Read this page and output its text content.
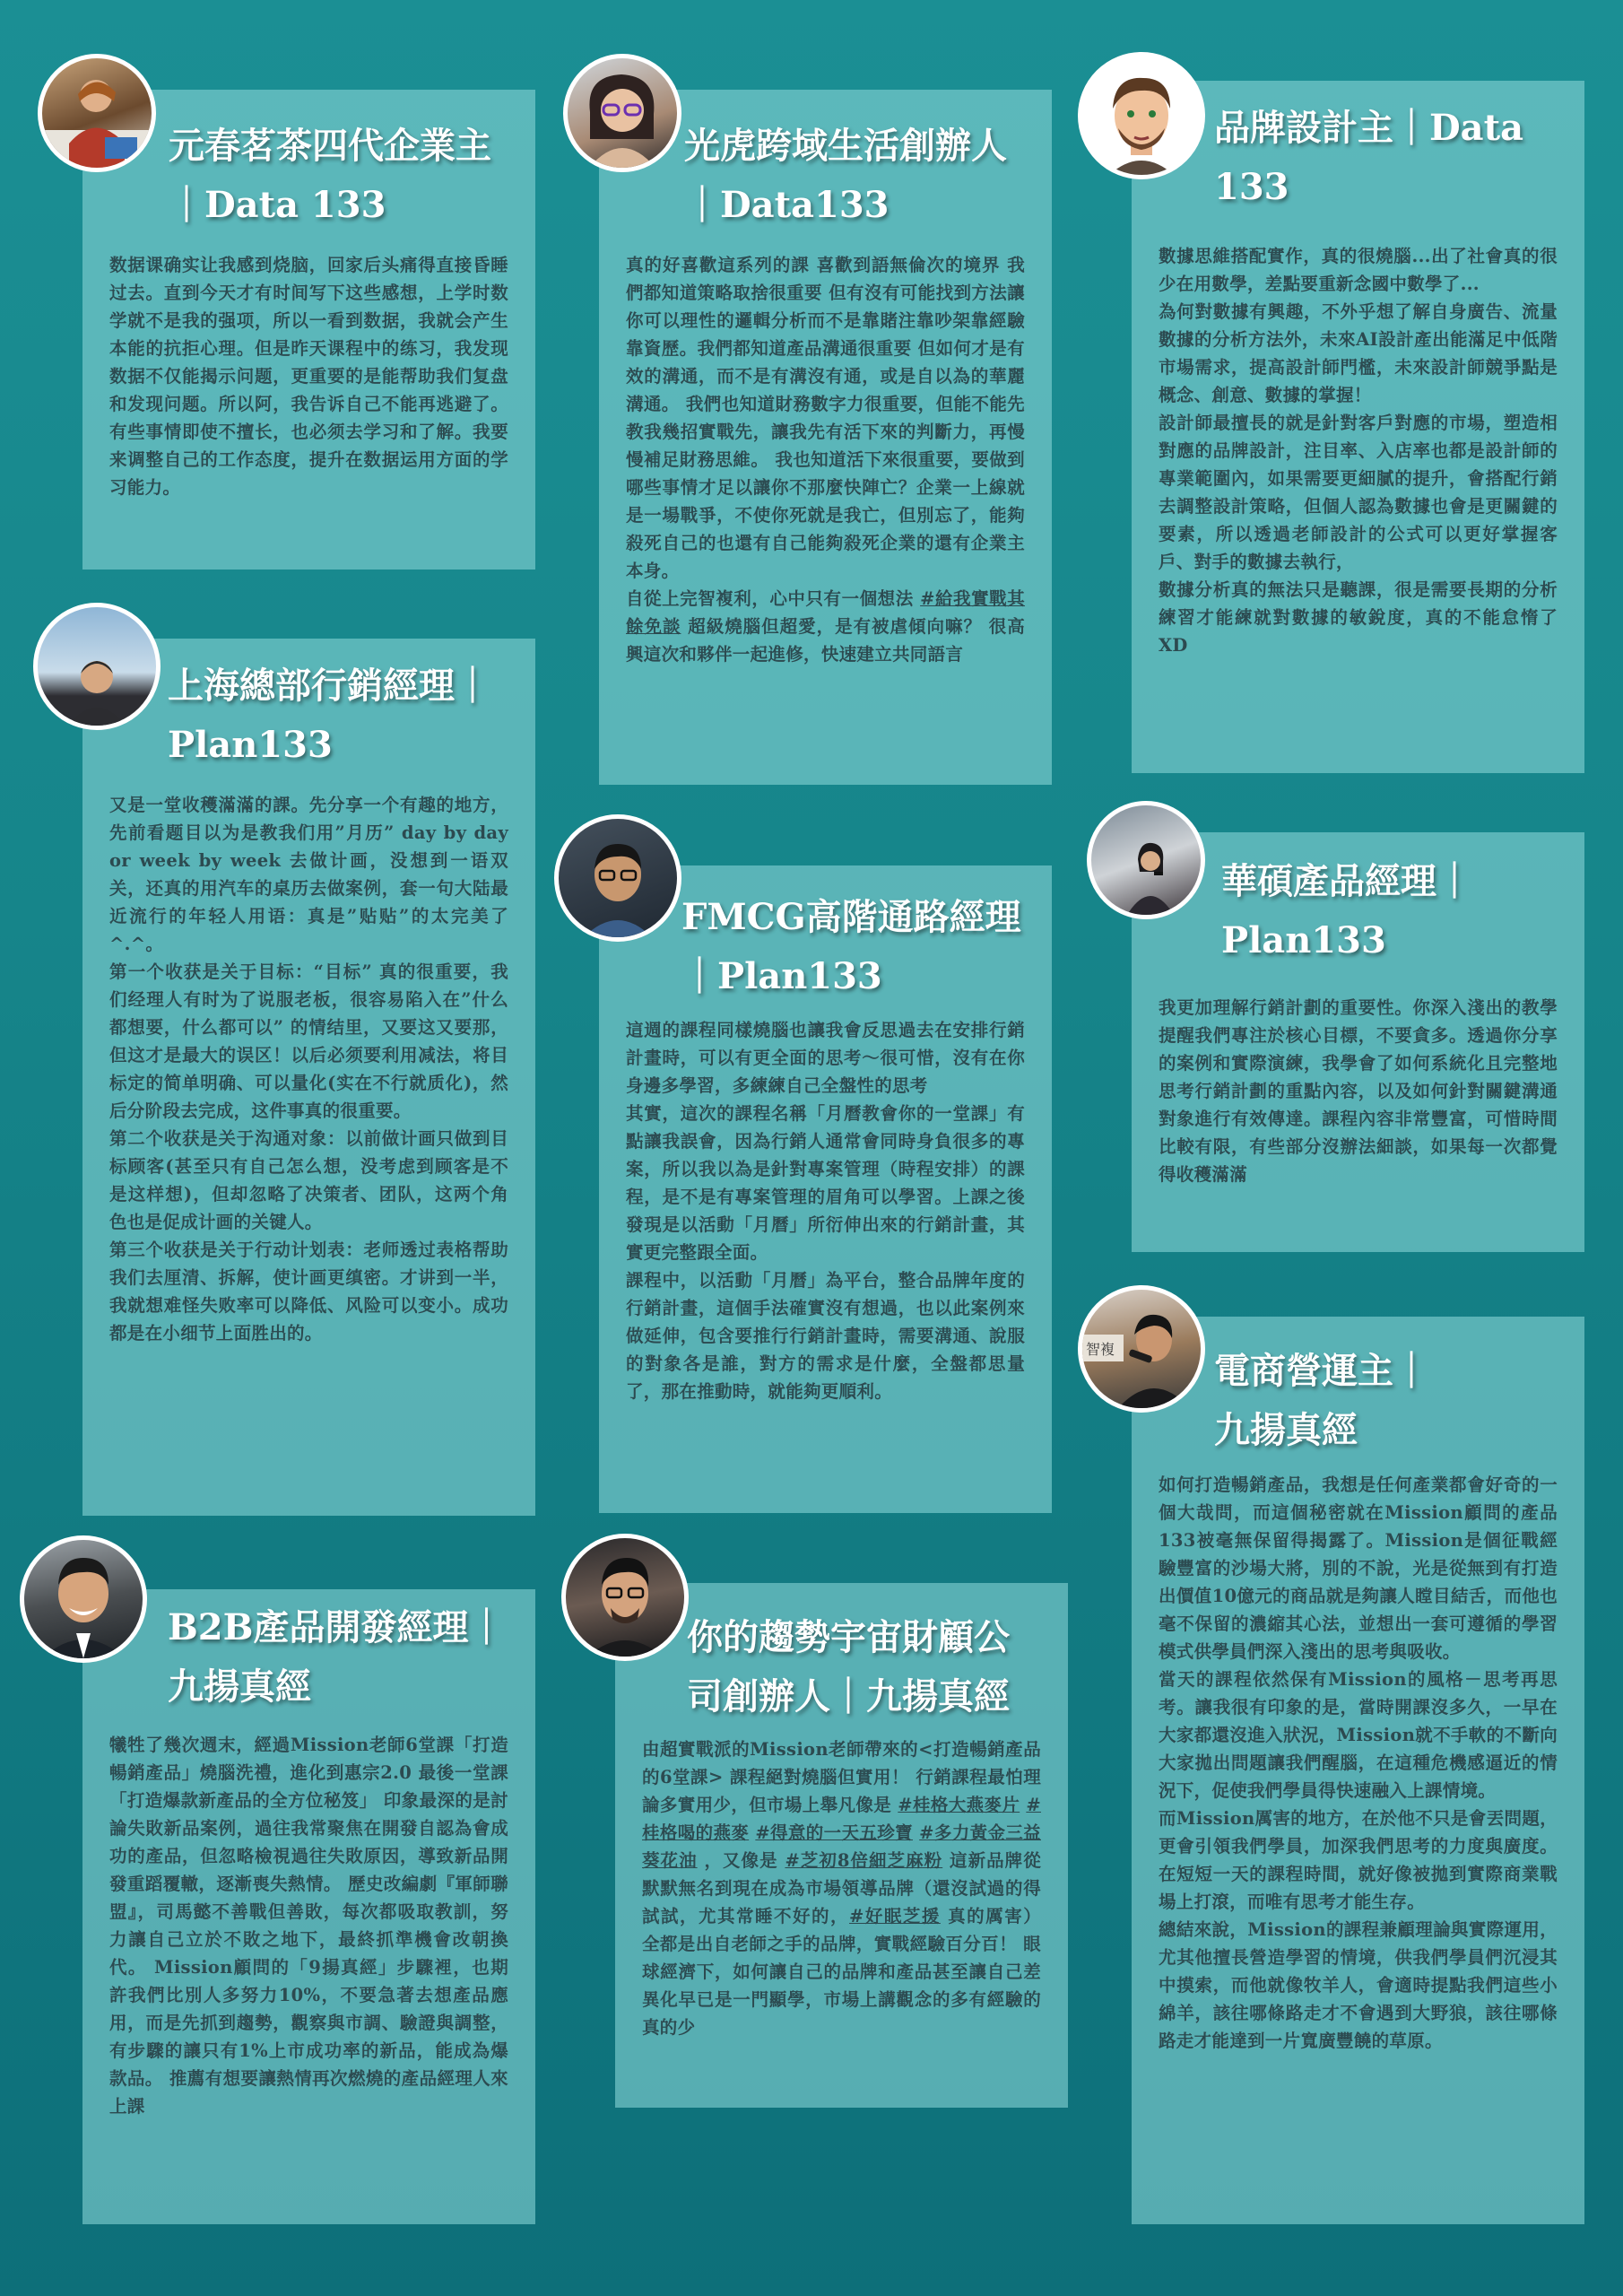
元春茗茶四代企業主
｜Data 133

数据课确实让我感到烧脑，回家后头痛得直接昏睡过去。直到今天才有时间写下这些感想，上学时数学就不是我的强项，所以一看到数据，我就会产生本能的抗拒心理。但是昨天课程中的练习，我发现数据不仅能揭示问题，更重要的是能帮助我们复盘和发现问题。所以阿，我告诉自己不能再逃避了。有些事情即使不擅长，也必须去学习和了解。我要来调整自己的工作态度，提升在数据运用方面的学习能力。

光虎跨域生活創辦人
｜Data133

真的好喜歡這系列的課 喜歡到語無倫次的境界 我們都知道策略取捨很重要 但有沒有可能找到方法讓你可以理性的邏輯分析而不是靠賭注靠吵架靠經驗靠資歷。我們都知道產品溝通很重要 但如何才是有效的溝通，而不是有溝沒有通，或是自以為的華麗溝通。 我們也知道財務數字力很重要，但能不能先教我幾招實戰先，讓我先有活下來的判斷力，再慢慢補足財務思維。 我也知道活下來很重要，要做到哪些事情才足以讓你不那麼快陣亡？企業一上線就是一場戰爭，不使你死就是我亡，但別忘了，能夠殺死自己的也還有自己能夠殺死企業的還有企業主本身。

自從上完智複利，心中只有一個想法 #給我實戰其餘免談 超級燒腦但超愛，是有被虐傾向嘛？ 很高興這次和夥伴一起進修，快速建立共同語言

品牌設計主｜Data
133

數據思維搭配實作，真的很燒腦...出了社會真的很少在用數學，差點要重新念國中數學了...

為何對數據有興趣，不外乎想了解自身廣告、流量數據的分析方法外，未來AI設計產出能滿足中低階市場需求，提高設計師門檻，未來設計師競爭點是概念、創意、數據的掌握！

設計師最擅長的就是針對客戶對應的市場，塑造相對應的品牌設計，注目率、入店率也都是設計師的專業範圍內，如果需要更細膩的提升，會搭配行銷去調整設計策略，但個人認為數據也會是更關鍵的要素，所以透過老師設計的公式可以更好掌握客戶、對手的數據去執行，

數據分析真的無法只是聽課，很是需要長期的分析練習才能練就對數據的敏銳度，真的不能怠惰了XD

上海總部行銷經理｜
Plan133

又是一堂收穫滿滿的課。先分享一个有趣的地方，先前看题目以为是教我们用”月历” day by day or week by week 去做计画，没想到一语双关，还真的用汽车的桌历去做案例，套一句大陆最近流行的年轻人用语：真是”贴贴”的太完美了^.^。

第一个收获是关于目标：“目标” 真的很重要，我们经理人有时为了说服老板，很容易陷入在”什么都想要，什么都可以” 的情结里，又要这又要那，但这才是最大的误区！以后必须要利用减法，将目标定的简单明确、可以量化(实在不行就质化)，然后分阶段去完成，这件事真的很重要。

第二个收获是关于沟通对象：以前做计画只做到目标顾客(甚至只有自己怎么想，没考虑到顾客是不是这样想)，但却忽略了决策者、团队，这两个角色也是促成计画的关键人。

第三个收获是关于行动计划表：老师透过表格帮助我们去厘清、拆解，使计画更缜密。才讲到一半，我就想难怪失败率可以降低、风险可以变小。成功都是在小细节上面胜出的。

FMCG高階通路經理
｜Plan133

這週的課程同樣燒腦也讓我會反思過去在安排行銷計畫時，可以有更全面的思考～很可惜，沒有在你身邊多學習，多練練自己全盤性的思考

其實，這次的課程名稱「月曆教會你的一堂課」有點讓我誤會，因為行銷人通常會同時身負很多的專案，所以我以為是針對專案管理（時程安排）的課程，是不是有專案管理的眉角可以學習。上課之後發現是以活動「月曆」所衍伸出來的行銷計畫，其實更完整跟全面。

課程中，以活動「月曆」為平台，整合品牌年度的行銷計畫，這個手法確實沒有想過，也以此案例來做延伸，包含要推行行銷計畫時，需要溝通、說服的對象各是誰，對方的需求是什麼，全盤都思量了，那在推動時，就能夠更順利。

華碩產品經理｜
Plan133

我更加理解行銷計劃的重要性。你深入淺出的教學提醒我們專注於核心目標，不要貪多。透過你分享的案例和實際演練，我學會了如何系統化且完整地思考行銷計劃的重點內容，以及如何針對關鍵溝通對象進行有效傳達。課程內容非常豐富，可惜時間比較有限，有些部分沒辦法細談，如果每一次都覺得收穫滿滿

B2B產品開發經理｜
九揚真經

犧牲了幾次週末，經過Mission老師6堂課「打造暢銷產品」燒腦洗禮，進化到惠宗2.0 最後一堂課「打造爆款新產品的全方位秘笈」 印象最深的是討論失敗新品案例，過往我常聚焦在開發自認為會成功的產品，但忽略檢視過往失敗原因，導致新品開發重蹈覆轍，逐漸喪失熱情。 歷史改編劇『軍師聯盟』，司馬懿不善戰但善敗，每次都吸取教訓，努力讓自己立於不敗之地下，最終抓準機會改朝換代。 Mission顧問的「9揚真經」步驟裡，也期許我們比別人多努力10%，不要急著去想產品應用，而是先抓到趨勢，觀察與市調、驗證與調整，有步驟的讓只有1%上市成功率的新品，能成為爆款品。 推薦有想要讓熱情再次燃燒的產品經理人來上課

你的趨勢宇宙財顧公
司創辦人｜九揚真經

由超實戰派的Mission老師帶來的<打造暢銷產品的6堂課> 課程絕對燒腦但實用！ 行銷課程最怕理論多實用少，但市場上舉凡像是 #桂格大燕麥片 #桂格喝的燕麥 #得意的一天五珍寶 #多力黃金三益葵花油 ，又像是 #芝初8倍細芝麻粉 這新品牌從默默無名到現在成為市場領導品牌（還沒試過的得試試，尤其常睡不好的，#好眠芝援 真的厲害） 全都是出自老師之手的品牌，實戰經驗百分百！ 眼球經濟下，如何讓自己的品牌和產品甚至讓自己差異化早已是一門顯學，市場上講觀念的多有經驗的真的少

智複
電商營運主｜
九揚真經

如何打造暢銷產品，我想是任何產業都會好奇的一個大哉問，而這個秘密就在Mission顧問的產品133被毫無保留得揭露了。Mission是個征戰經驗豐富的沙場大將，別的不說，光是從無到有打造出價值10億元的商品就是夠讓人瞠目結舌，而他也毫不保留的濃縮其心法，並想出一套可遵循的學習模式供學員們深入淺出的思考與吸收。

當天的課程依然保有Mission的風格－思考再思考。讓我很有印象的是，當時開課沒多久，一早在大家都還沒進入狀況，Mission就不手軟的不斷向大家拋出問題讓我們醒腦，在這種危機感逼近的情況下，促使我們學員得快速融入上課情境。

而Mission厲害的地方，在於他不只是會丟問題，更會引領我們學員，加深我們思考的力度與廣度。在短短一天的課程時間，就好像被拋到實際商業戰場上打滾，而唯有思考才能生存。

總結來說，Mission的課程兼顧理論與實際運用，尤其他擅長營造學習的情境，供我們學員們沉浸其中摸索，而他就像牧羊人，會適時提點我們這些小綿羊，該往哪條路走才不會遇到大野狼，該往哪條路走才能達到一片寬廣豐饒的草原。
